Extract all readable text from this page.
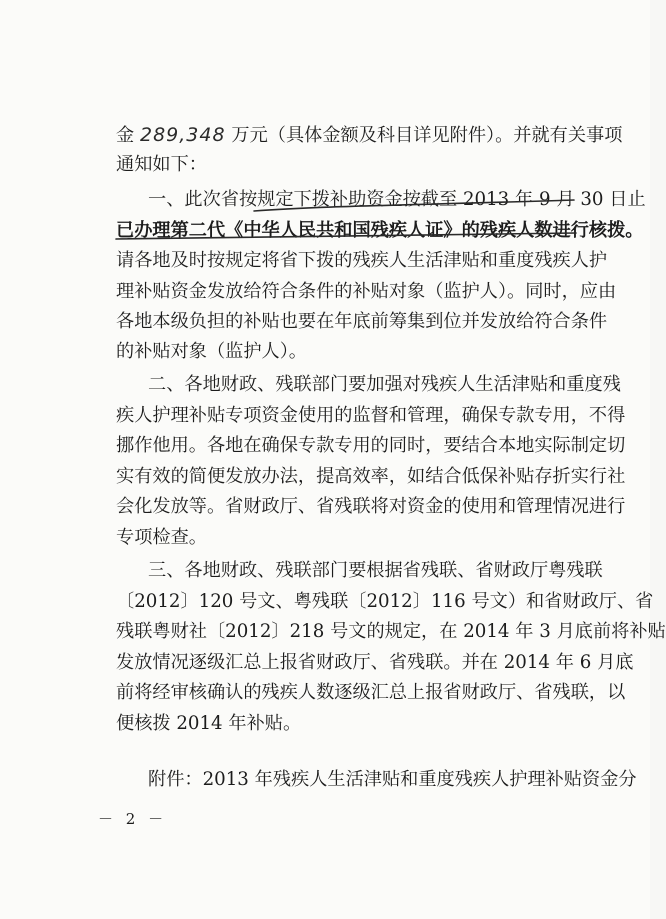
金 289,348 万元（具体金额及科目详见附件）。并就有关事项
通知如下：
一、此次省按规定下拨补助资金按截至 2013 年 9 月 30 日止
已办理第二代《中华人民共和国残疾人证》的残疾人数进行核拨。
请各地及时按规定将省下拨的残疾人生活津贴和重度残疾人护
理补贴资金发放给符合条件的补贴对象（监护人）。同时，应由
各地本级负担的补贴也要在年底前筹集到位并发放给符合条件
的补贴对象（监护人）。
二、各地财政、残联部门要加强对残疾人生活津贴和重度残
疾人护理补贴专项资金使用的监督和管理，确保专款专用，不得
挪作他用。各地在确保专款专用的同时，要结合本地实际制定切
实有效的简便发放办法，提高效率，如结合低保补贴存折实行社
会化发放等。省财政厅、省残联将对资金的使用和管理情况进行
专项检查。
三、各地财政、残联部门要根据省残联、省财政厅粤残联
〔2012〕120 号文、粤残联〔2012〕116 号文）和省财政厅、省
残联粤财社〔2012〕218 号文的规定，在 2014 年 3 月底前将补贴
发放情况逐级汇总上报省财政厅、省残联。并在 2014 年 6 月底
前将经审核确认的残疾人数逐级汇总上报省财政厅、省残联，以
便核拨 2014 年补贴。
附件：2013 年残疾人生活津贴和重度残疾人护理补贴资金分
－ 2 －
